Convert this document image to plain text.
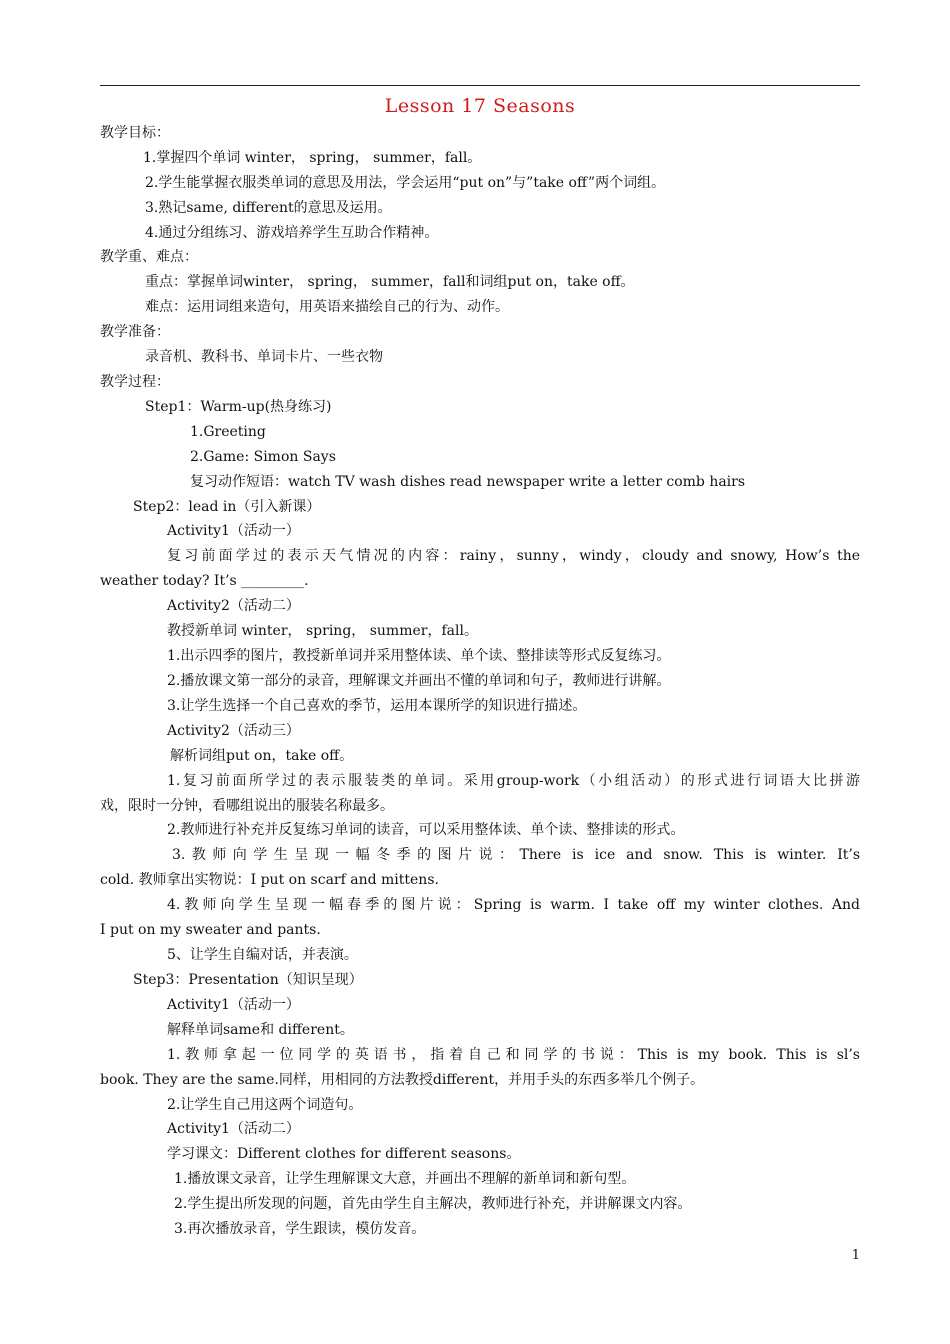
Lesson 17 Seasons
教学目标：
1.掌握四个单词 winter， spring， summer，fall。
2.学生能掌握衣服类单词的意思及用法，学会运用“put on”与”take off”两个词组。
3.熟记same, different的意思及运用。
4.通过分组练习、游戏培养学生互助合作精神。
教学重、难点：
重点：掌握单词winter， spring， summer，fall和词组put on，take off。
难点：运用词组来造句，用英语来描绘自己的行为、动作。
教学准备：
录音机、教科书、单词卡片、一些衣物
教学过程：
Step1：Warm-up(热身练习)
1.Greeting
2.Game: Simon Says
复习动作短语：watch TV wash dishes read newspaper write a letter comb hairs
Step2：lead in（引入新课）
Activity1（活动一）
复习前面学过的表示天气情况的内容：rainy，sunny，windy，cloudy and snowy, How’s the
weather today? It’s _________.
Activity2（活动二）
教授新单词 winter， spring， summer，fall。
1.出示四季的图片，教授新单词并采用整体读、单个读、整排读等形式反复练习。
2.播放课文第一部分的录音，理解课文并画出不懂的单词和句子，教师进行讲解。
3.让学生选择一个自己喜欢的季节，运用本课所学的知识进行描述。
Activity2（活动三）
解析词组put on，take off。
1.复习前面所学过的表示服装类的单词。采用group-work（小组活动）的形式进行词语大比拼游
戏，限时一分钟，看哪组说出的服装名称最多。
2.教师进行补充并反复练习单词的读音，可以采用整体读、单个读、整排读的形式。
3.教师向学生呈现一幅冬季的图片说：There is ice and snow. This is winter. It’s
cold. 教师拿出实物说：I put on scarf and mittens.
4.教师向学生呈现一幅春季的图片说：Spring is warm. I take off my winter clothes. And
I put on my sweater and pants.
5、让学生自编对话，并表演。
Step3：Presentation（知识呈现）
Activity1（活动一）
解释单词same和 different。
1.教师拿起一位同学的英语书，指着自己和同学的书说：This is my book. This is sl’s
book. They are the same.同样，用相同的方法教授different，并用手头的东西多举几个例子。
2.让学生自己用这两个词造句。
Activity1（活动二）
学习课文：Different clothes for different seasons。
1.播放课文录音，让学生理解课文大意，并画出不理解的新单词和新句型。
2.学生提出所发现的问题，首先由学生自主解决，教师进行补充，并讲解课文内容。
3.再次播放录音，学生跟读，模仿发音。
1
